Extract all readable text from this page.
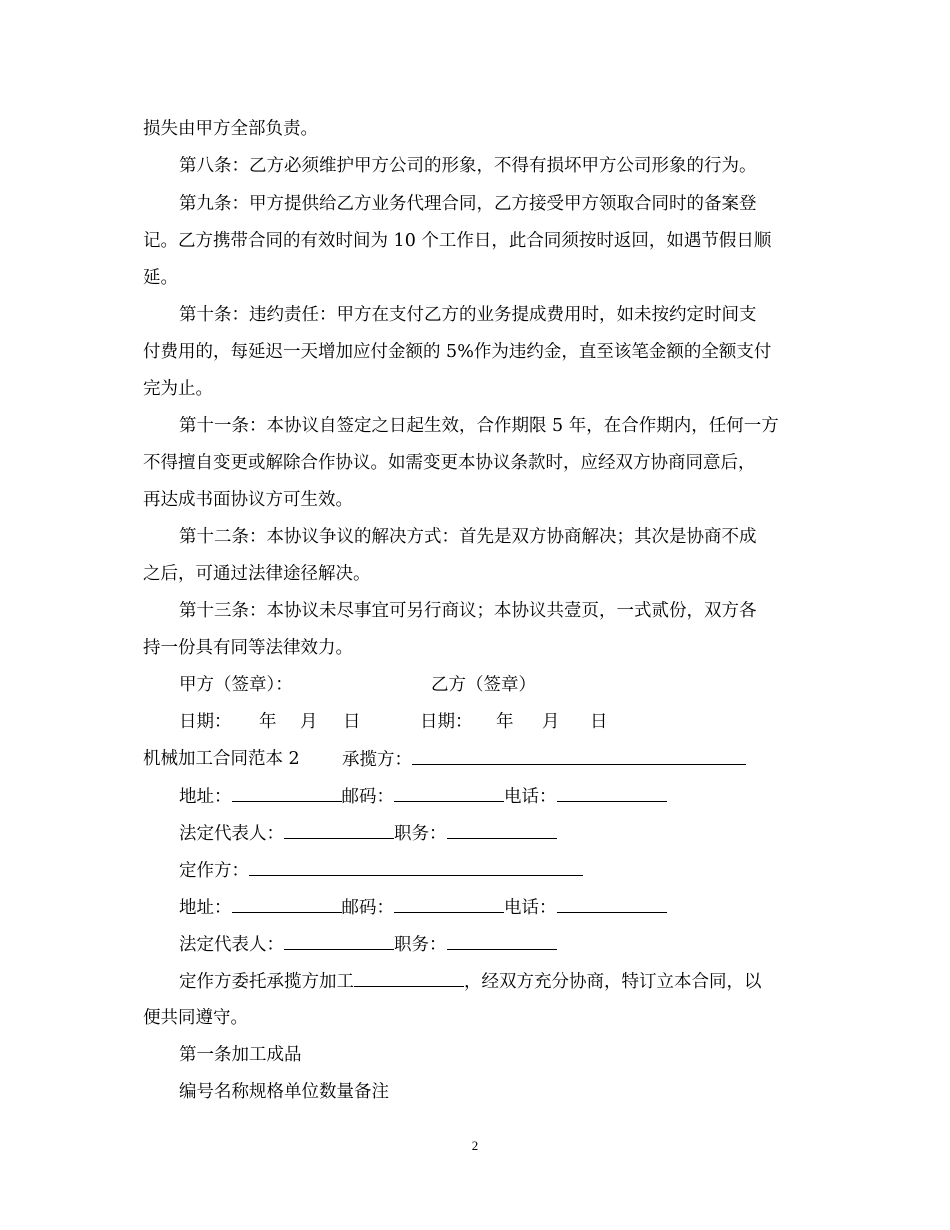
损失由甲方全部负责。
第八条：乙方必须维护甲方公司的形象，不得有损坏甲方公司形象的行为。
第九条：甲方提供给乙方业务代理合同，乙方接受甲方领取合同时的备案登
记。乙方携带合同的有效时间为 10 个工作日，此合同须按时返回，如遇节假日顺
延。
第十条：违约责任：甲方在支付乙方的业务提成费用时，如未按约定时间支
付费用的，每延迟一天增加应付金额的 5%作为违约金，直至该笔金额的全额支付
完为止。
第十一条：本协议自签定之日起生效，合作期限 5 年，在合作期内，任何一方
不得擅自变更或解除合作协议。如需变更本协议条款时，应经双方协商同意后，
再达成书面协议方可生效。
第十二条：本协议争议的解决方式：首先是双方协商解决；其次是协商不成
之后，可通过法律途径解决。
第十三条：本协议未尽事宜可另行商议；本协议共壹页，一式贰份，双方各
持一份具有同等法律效力。
甲方（签章）：	乙方（签章）
日期： 年 月 日	日期： 年 月 日
机械加工合同范本 2 承揽方：
地址：	邮码：	电话：
法定代表人：	职务：
定作方：
地址：	邮码：	电话：
法定代表人：	职务：
定作方委托承揽方加工	，经双方充分协商，特订立本合同，以
便共同遵守。
第一条加工成品
编号名称规格单位数量备注
2
